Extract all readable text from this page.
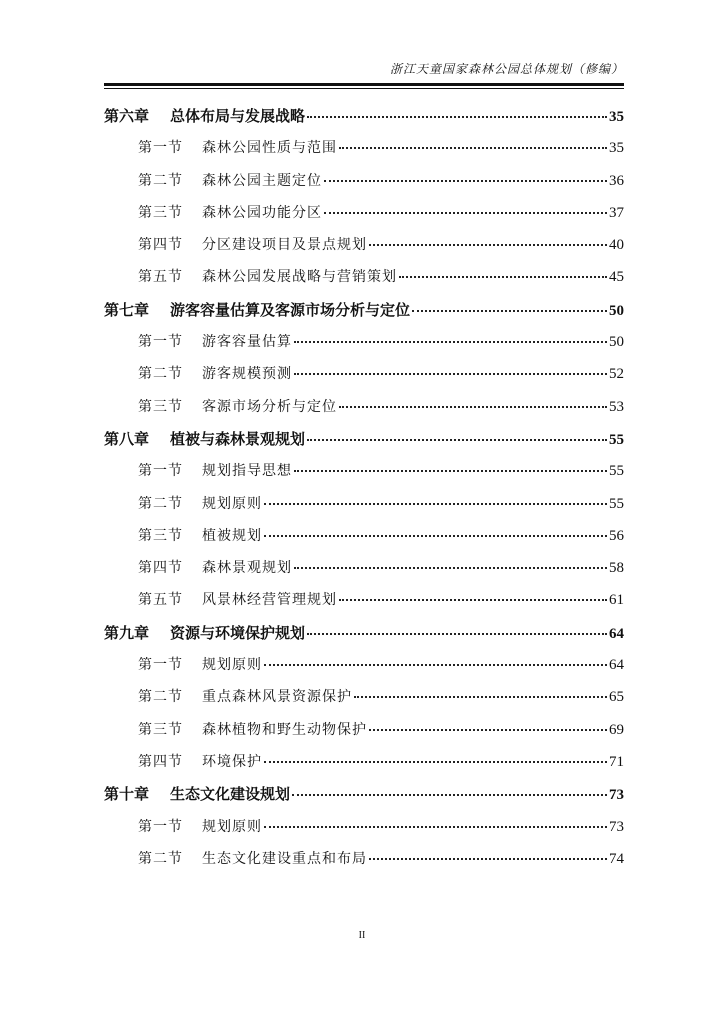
浙江天童国家森林公园总体规划（修编）
第六章	总体布局与发展战略	35
第一节	森林公园性质与范围	35
第二节	森林公园主题定位	36
第三节	森林公园功能分区	37
第四节	分区建设项目及景点规划	40
第五节	森林公园发展战略与营销策划	45
第七章	游客容量估算及客源市场分析与定位	50
第一节	游客容量估算	50
第二节	游客规模预测	52
第三节	客源市场分析与定位	53
第八章	植被与森林景观规划	55
第一节	规划指导思想	55
第二节	规划原则	55
第三节	植被规划	56
第四节	森林景观规划	58
第五节	风景林经营管理规划	61
第九章	资源与环境保护规划	64
第一节	规划原则	64
第二节	重点森林风景资源保护	65
第三节	森林植物和野生动物保护	69
第四节	环境保护	71
第十章	生态文化建设规划	73
第一节	规划原则	73
第二节	生态文化建设重点和布局	74
II
